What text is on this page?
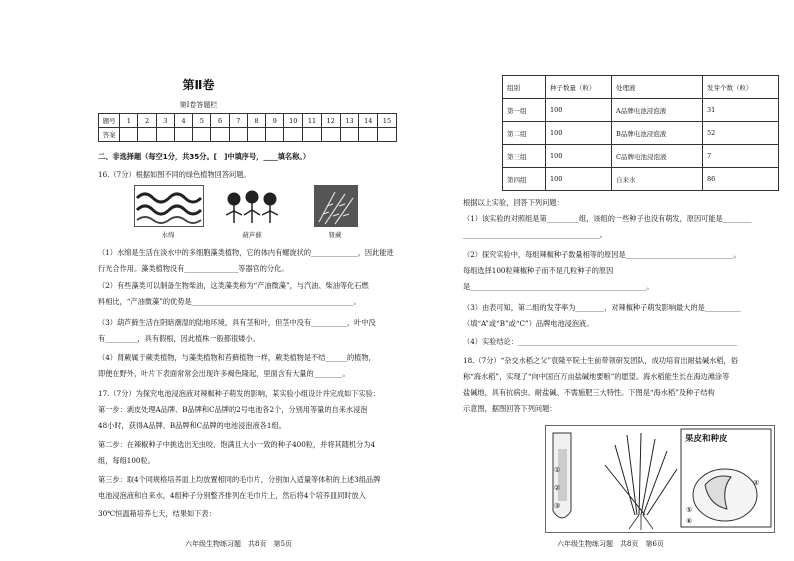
第Ⅱ卷
第Ⅰ卷答题栏
题号	1	2	3	4	5	6	7	8	9	10	11	12	13	14	15
答案															
二、非选择题（每空1分，共35分。[　]中填序号，____填名称。）
16.（7分）根据如图不同的绿色植物回答问题。
水绵	葫芦藓	肾蕨
（1）水绵是生活在淡水中的多细胞藻类植物，它的体内有螺旋状的_____________，因此能进
行光合作用。藻类植物没有_______________等器官的分化。
（2）有些藻类可以制备生物柴油，这类藻类称为“产油微藻”，与汽油、柴油等化石燃
料相比，“产油微藻”的优势是_____________________________________________。
（3）葫芦藓生活在阴暗潮湿的陆地环境，具有茎和叶，但茎中没有__________，叶中没
有_________，具有假根，因此植株一般都很矮小。
（4）肾蕨属于蕨类植物，与藻类植物和苔藓植物一样，蕨类植物是不结______的植物，
即便在野外，叶片下表面常常会出现许多褐色隆起，里面含有大量的________。
17.（7分）为探究电池浸泡液对辣椒种子萌发的影响，某实验小组设计并完成如下实验：
第一步：剥皮处理A品牌、B品牌和C品牌的2号电池各2个，分别用等量的自来水浸泡
48小时，获得A品牌、B品牌和C品牌的电池浸泡液各1组。
第二步：在辣椒种子中挑选出无虫咬、饱满且大小一致的种子400粒，并将其随机分为4
组，每组100粒。
第三步：取4个同规格培养皿上均放置相同的毛巾片，分别加入适量等体积的上述3组品牌
电池浸泡液和自来水，4组种子分别整齐排列在毛巾片上，然后将4个培养皿同时放入
30℃恒温箱培养七天，结果如下表：
六年级生物练习题　共8页　第5页
组别	种子数量（粒）	处理液	发芽个数（粒）
第一组	100	A品牌电池浸泡液	31
第二组	100	B品牌电池浸泡液	52
第三组	100	C品牌电池浸泡液	7
第四组	100	自来水	86
根据以上实验，回答下列问题：
（1）该实验的对照组是第_________组，该组的一些种子也没有萌发，原因可能是________
______________________________________。
（2）探究实验中，每组辣椒种子数量相等的原因是______________________________。
每组选择100粒辣椒种子而不是几粒种子的原因
是_________________________________________________。
（3）由表可知，第二组的发芽率为________，对辣椒种子萌发影响最大的是__________
（填“A”或“B”或“C”）品牌电池浸泡液。
（4）实验结论：_____________________________________________________________
18.（7分）“杂交水稻之父”袁隆平院士生前带领研发团队，成功培育出耐盐碱水稻，俗
称“海水稻”，实现了“向中国百万亩盐碱地要粮”的愿望。海水稻能生长在海边滩涂等
盐碱地，具有抗病虫、耐盐碱、不需施肥三大特性。下图是“海水稻”及种子结构
示意图，据图回答下列问题：
果皮和种皮
①
②
③
④
⑤
⑥
六年级生物练习题　共8页　第6页
